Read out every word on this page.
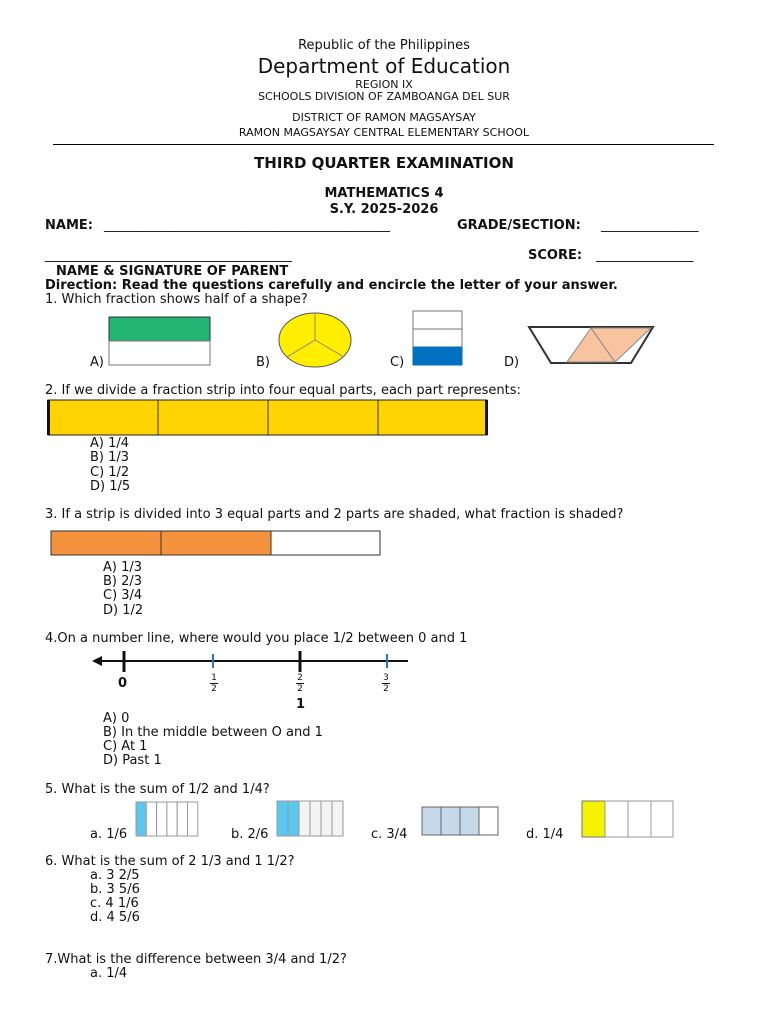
Republic of the Philippines
Department of Education
REGION IX
SCHOOLS DIVISION OF ZAMBOANGA DEL SUR
DISTRICT OF RAMON MAGSAYSAY
RAMON MAGSAYSAY CENTRAL ELEMENTARY SCHOOL
THIRD QUARTER EXAMINATION
MATHEMATICS 4
S.Y. 2025-2026
NAME: ____________________________________________	GRADE/SECTION: _______________
______________________________________	SCORE: _______________
NAME & SIGNATURE OF PARENT
Direction: Read the questions carefully and encircle the letter of your answer.
1. Which fraction shows half of a shape?
A)	B)	C)	D)
2. If we divide a fraction strip into four equal parts, each part represents:
A) 1/4
B) 1/3
C) 1/2
D) 1/5
3. If a strip is divided into 3 equal parts and 2 parts are shaded, what fraction is shaded?
A) 1/3
B) 2/3
C) 3/4
D) 1/2
4.On a number line, where would you place 1/2 between 0 and 1
0	$\frac{1}{2}$	$\frac{2}{2}$
1
$\frac{3}{2}$
A) 0
B) In the middle between O and 1
C) At 1
D) Past 1
5. What is the sum of 1/2 and 1/4?
a. 1/6	b. 2/6	c. 3/4	d. 1/4
6. What is the sum of 2 1/3 and 1 1/2?
a. 3 2/5
b. 3 5/6
c. 4 1/6
d. 4 5/6
7.What is the difference between 3/4 and 1/2?
a. 1/4
